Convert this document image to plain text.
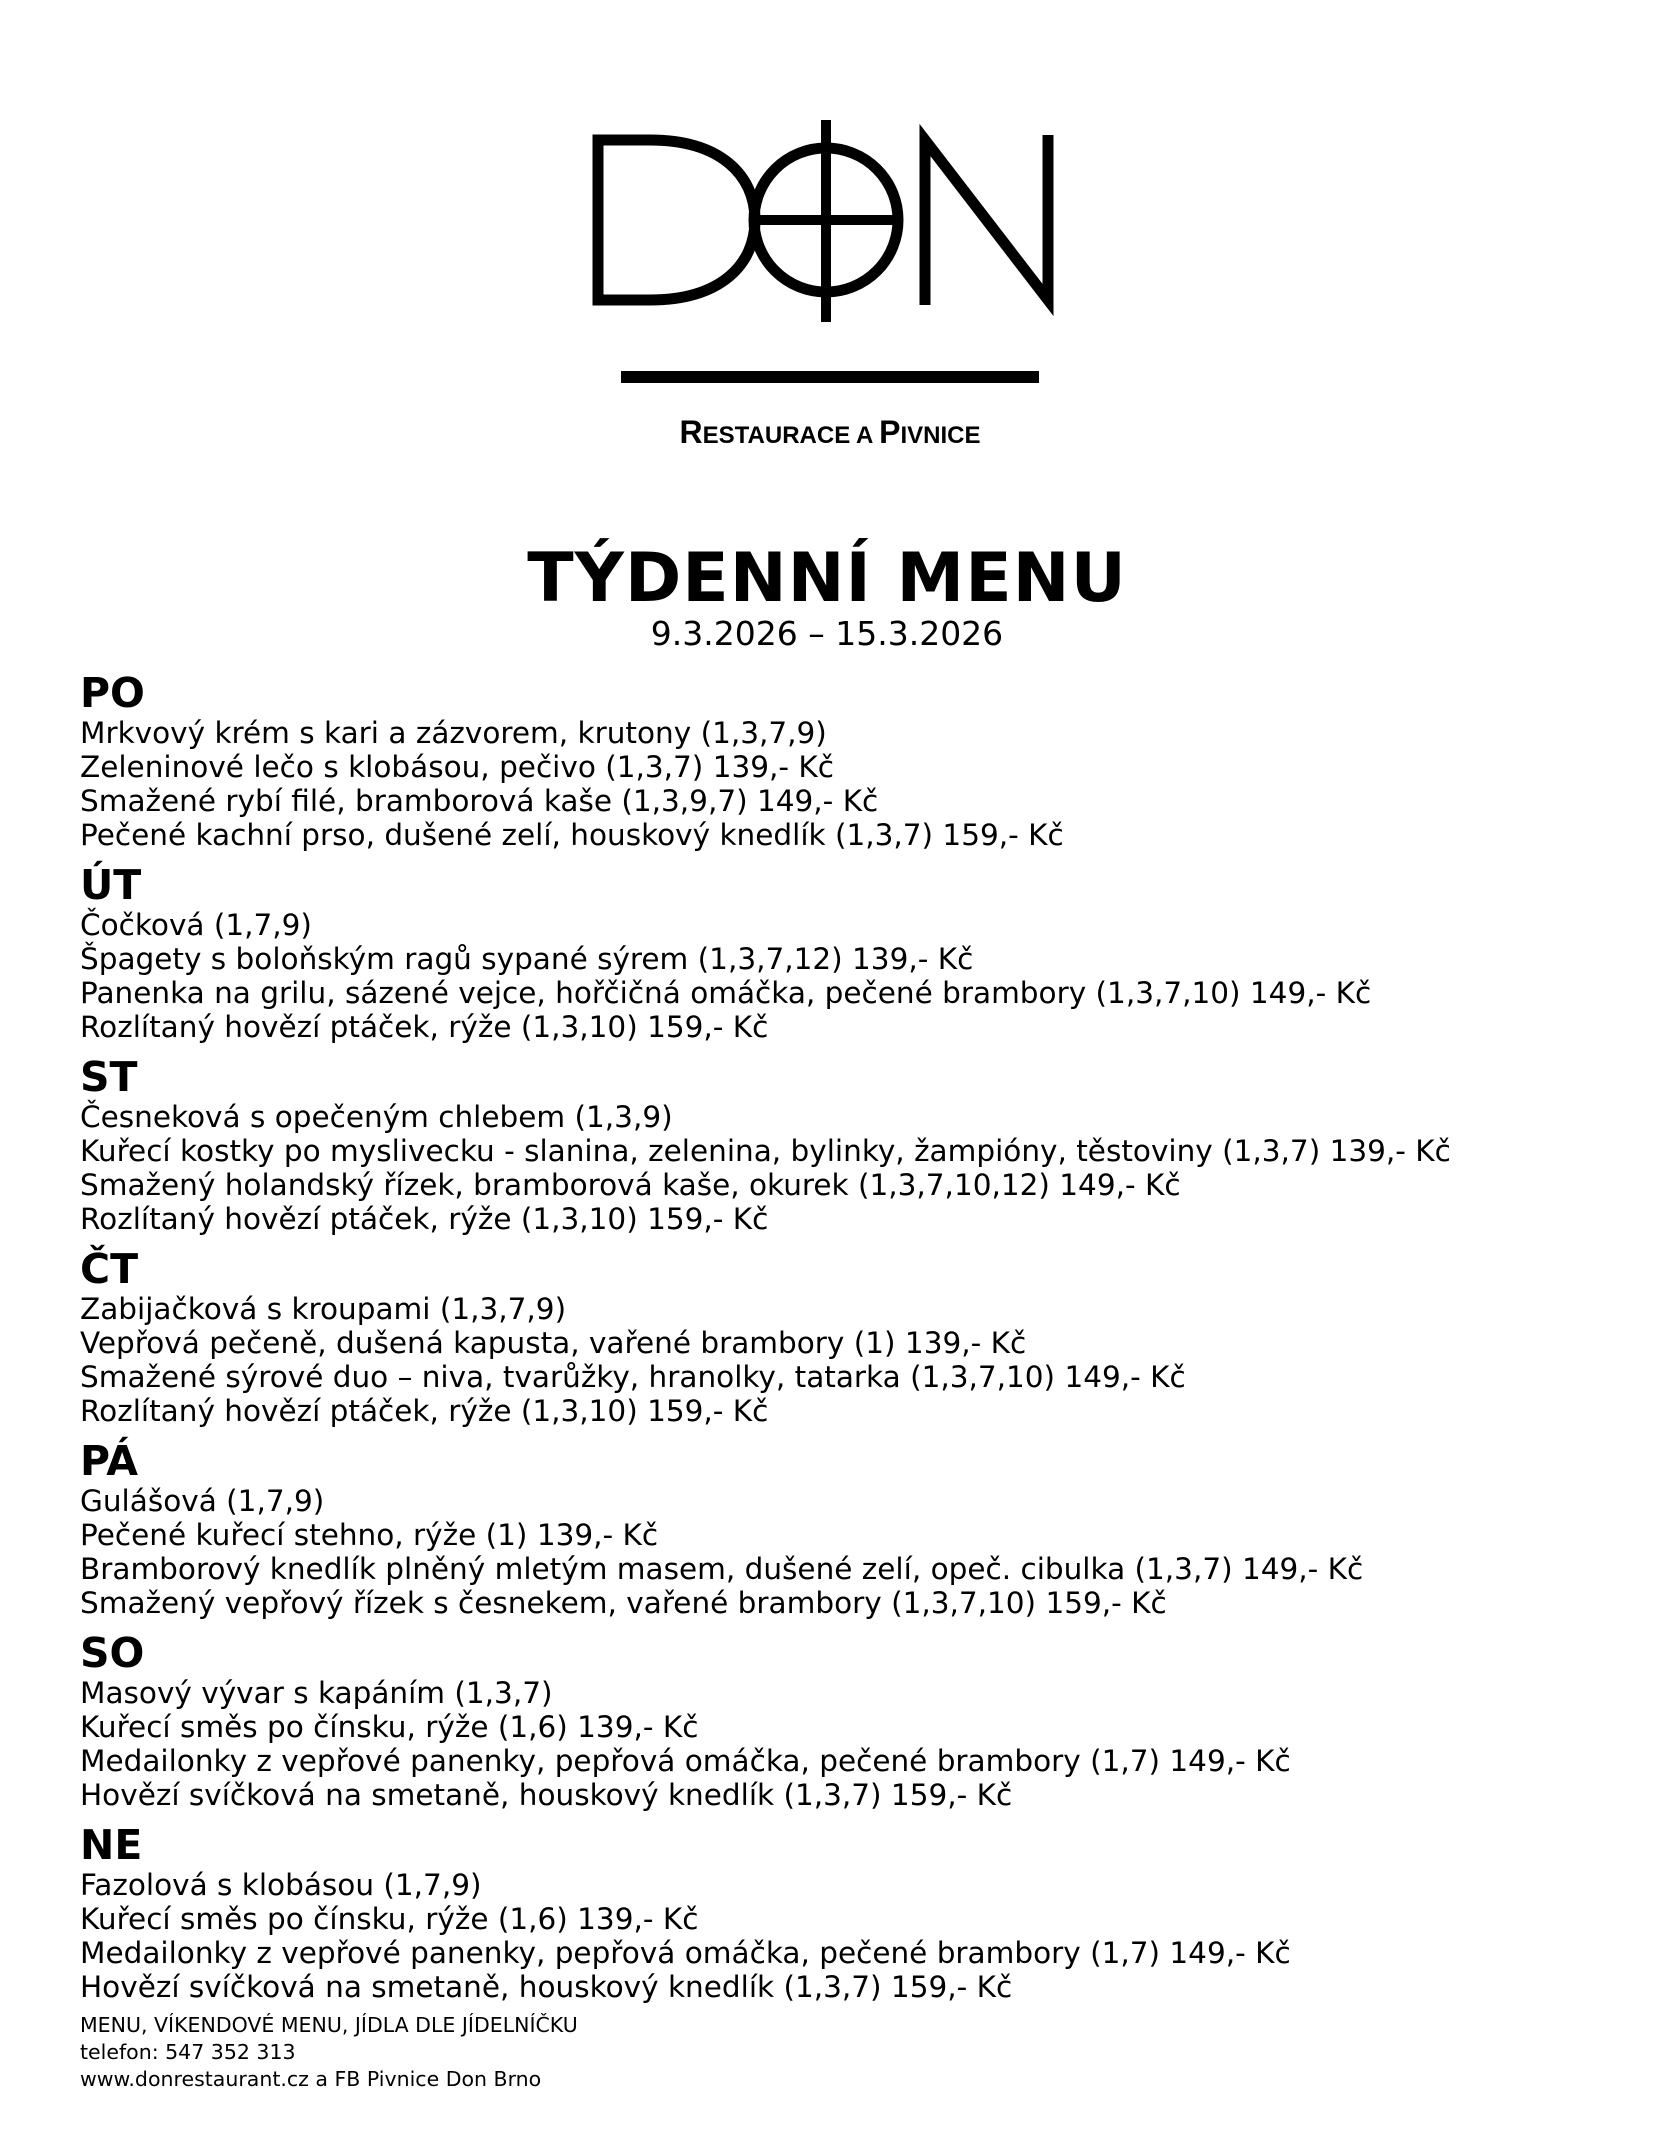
RESTAURACE A PIVNICE
TÝDENNÍ MENU
9.3.2026 – 15.3.2026
PO
Mrkvový krém s kari a zázvorem, krutony (1,3,7,9)
Zeleninové lečo s klobásou, pečivo (1,3,7) 139,- Kč
Smažené rybí filé, bramborová kaše (1,3,9,7) 149,- Kč
Pečené kachní prso, dušené zelí, houskový knedlík (1,3,7) 159,- Kč
ÚT
Čočková (1,7,9)
Špagety s boloňským ragů sypané sýrem (1,3,7,12) 139,- Kč
Panenka na grilu, sázené vejce, hořčičná omáčka, pečené brambory (1,3,7,10) 149,- Kč
Rozlítaný hovězí ptáček, rýže (1,3,10) 159,- Kč
ST
Česneková s opečeným chlebem (1,3,9)
Kuřecí kostky po myslivecku - slanina, zelenina, bylinky, žampióny, těstoviny (1,3,7) 139,- Kč
Smažený holandský řízek, bramborová kaše, okurek (1,3,7,10,12) 149,- Kč
Rozlítaný hovězí ptáček, rýže (1,3,10) 159,- Kč
ČT
Zabijačková s kroupami (1,3,7,9)
Vepřová pečeně, dušená kapusta, vařené brambory (1) 139,- Kč
Smažené sýrové duo – niva, tvarůžky, hranolky, tatarka (1,3,7,10) 149,- Kč
Rozlítaný hovězí ptáček, rýže (1,3,10) 159,- Kč
PÁ
Gulášová (1,7,9)
Pečené kuřecí stehno, rýže (1) 139,- Kč
Bramborový knedlík plněný mletým masem, dušené zelí, opeč. cibulka (1,3,7) 149,- Kč
Smažený vepřový řízek s česnekem, vařené brambory (1,3,7,10) 159,- Kč
SO
Masový vývar s kapáním (1,3,7)
Kuřecí směs po čínsku, rýže (1,6) 139,- Kč
Medailonky z vepřové panenky, pepřová omáčka, pečené brambory (1,7) 149,- Kč
Hovězí svíčková na smetaně, houskový knedlík (1,3,7) 159,- Kč
NE
Fazolová s klobásou (1,7,9)
Kuřecí směs po čínsku, rýže (1,6) 139,- Kč
Medailonky z vepřové panenky, pepřová omáčka, pečené brambory (1,7) 149,- Kč
Hovězí svíčková na smetaně, houskový knedlík (1,3,7) 159,- Kč
MENU, VÍKENDOVÉ MENU, JÍDLA DLE JÍDELNÍČKU
telefon: 547 352 313
www.donrestaurant.cz a FB Pivnice Don Brno
